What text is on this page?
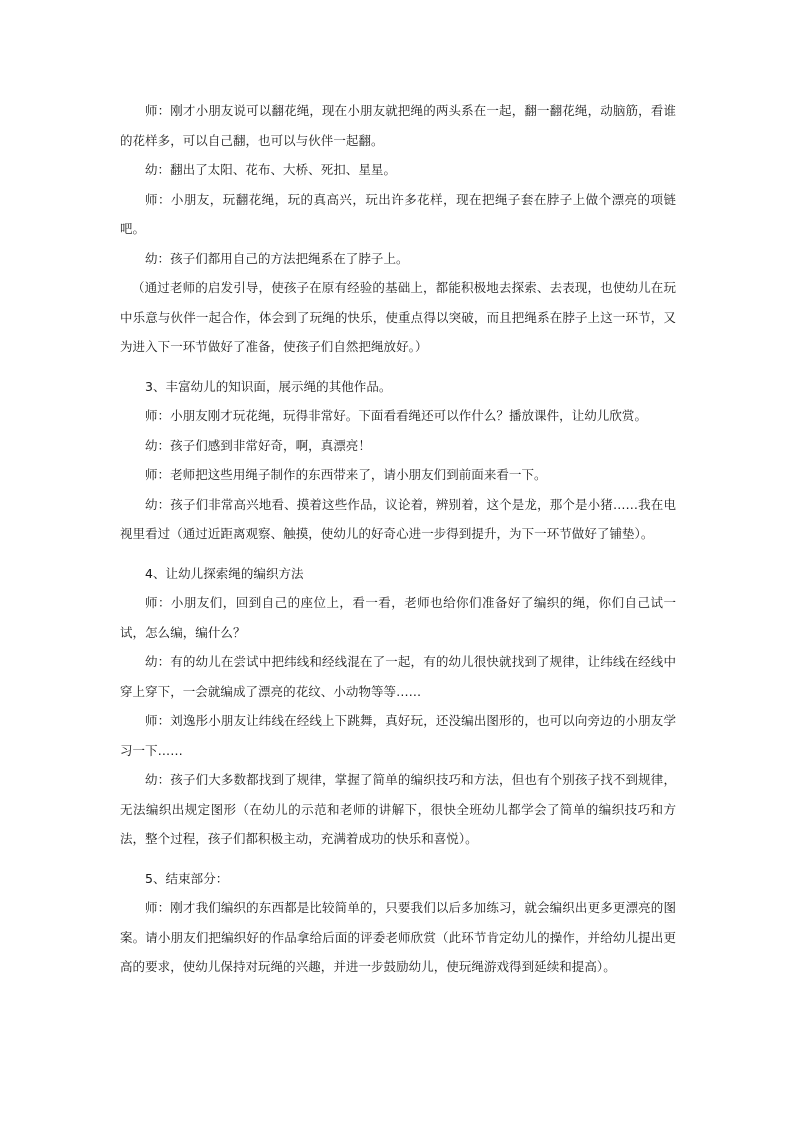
师：刚才小朋友说可以翻花绳，现在小朋友就把绳的两头系在一起，翻一翻花绳，动脑筋，看谁的花样多，可以自己翻，也可以与伙伴一起翻。

幼：翻出了太阳、花布、大桥、死扣、星星。

师：小朋友，玩翻花绳，玩的真高兴，玩出许多花样，现在把绳子套在脖子上做个漂亮的项链吧。

幼：孩子们都用自己的方法把绳系在了脖子上。

（通过老师的启发引导，使孩子在原有经验的基础上，都能积极地去探索、去表现，也使幼儿在玩中乐意与伙伴一起合作，体会到了玩绳的快乐，使重点得以突破，而且把绳系在脖子上这一环节，又为进入下一环节做好了准备，使孩子们自然把绳放好。）

3、丰富幼儿的知识面，展示绳的其他作品。

师：小朋友刚才玩花绳，玩得非常好。下面看看绳还可以作什么？播放课件，让幼儿欣赏。

幼：孩子们感到非常好奇，啊，真漂亮！

师：老师把这些用绳子制作的东西带来了，请小朋友们到前面来看一下。

幼：孩子们非常高兴地看、摸着这些作品，议论着，辨别着，这个是龙，那个是小猪……我在电视里看过（通过近距离观察、触摸，使幼儿的好奇心进一步得到提升，为下一环节做好了铺垫）。

4、让幼儿探索绳的编织方法

师：小朋友们，回到自己的座位上，看一看，老师也给你们准备好了编织的绳，你们自己试一试，怎么编，编什么？

幼：有的幼儿在尝试中把纬线和经线混在了一起，有的幼儿很快就找到了规律，让纬线在经线中穿上穿下，一会就编成了漂亮的花纹、小动物等等……

师：刘逸彤小朋友让纬线在经线上下跳舞，真好玩，还没编出图形的，也可以向旁边的小朋友学习一下……

幼：孩子们大多数都找到了规律，掌握了简单的编织技巧和方法，但也有个别孩子找不到规律，无法编织出规定图形（在幼儿的示范和老师的讲解下，很快全班幼儿都学会了简单的编织技巧和方法，整个过程，孩子们都积极主动，充满着成功的快乐和喜悦）。

5、结束部分：

师：刚才我们编织的东西都是比较简单的，只要我们以后多加练习，就会编织出更多更漂亮的图案。请小朋友们把编织好的作品拿给后面的评委老师欣赏（此环节肯定幼儿的操作，并给幼儿提出更高的要求，使幼儿保持对玩绳的兴趣，并进一步鼓励幼儿，使玩绳游戏得到延续和提高）。
